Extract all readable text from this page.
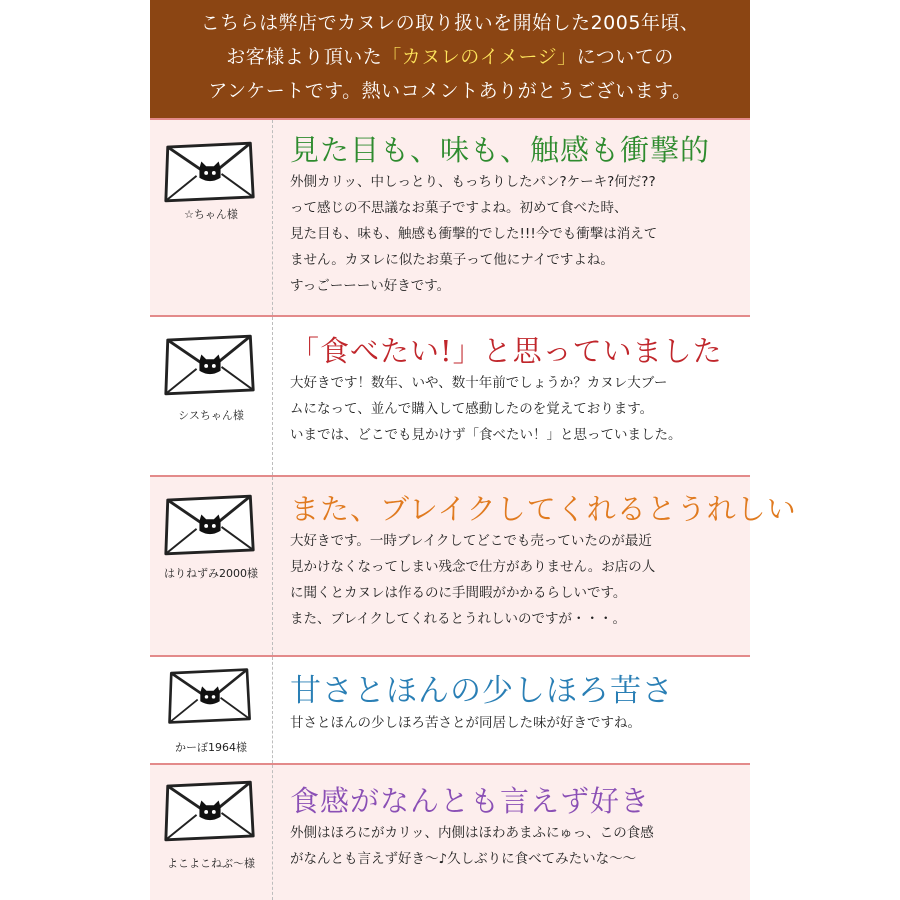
こちらは弊店でカヌレの取り扱いを開始した2005年頃、
お客様より頂いた「カヌレのイメージ」についての
アンケートです。熱いコメントありがとうございます。
☆ちゃん様
見た目も、味も、触感も衝撃的
外側カリッ、中しっとり、もっちりしたパン?ケーキ?何だ??
って感じの不思議なお菓子ですよね。初めて食べた時、
見た目も、味も、触感も衝撃的でした!!!今でも衝撃は消えて
ません。カヌレに似たお菓子って他にナイですよね。
すっごーーーい好きです。
シスちゃん様
「食べたい!」と思っていました
大好きです！数年、いや、数十年前でしょうか？カヌレ大ブー
ムになって、並んで購入して感動したのを覚えております。
いまでは、どこでも見かけず「食べたい！」と思っていました。
はりねずみ2000様
また、ブレイクしてくれるとうれしい
大好きです。一時ブレイクしてどこでも売っていたのが最近
見かけなくなってしまい残念で仕方がありません。お店の人
に聞くとカヌレは作るのに手間暇がかかるらしいです。
また、ブレイクしてくれるとうれしいのですが・・・。
かーぼ1964様
甘さとほんの少しほろ苦さ
甘さとほんの少しほろ苦さとが同居した味が好きですね。
よこよこねぶ～様
食感がなんとも言えず好き
外側はほろにがカリッ、内側はほわあまふにゅっ、この食感
がなんとも言えず好き～♪久しぶりに食べてみたいな～～
